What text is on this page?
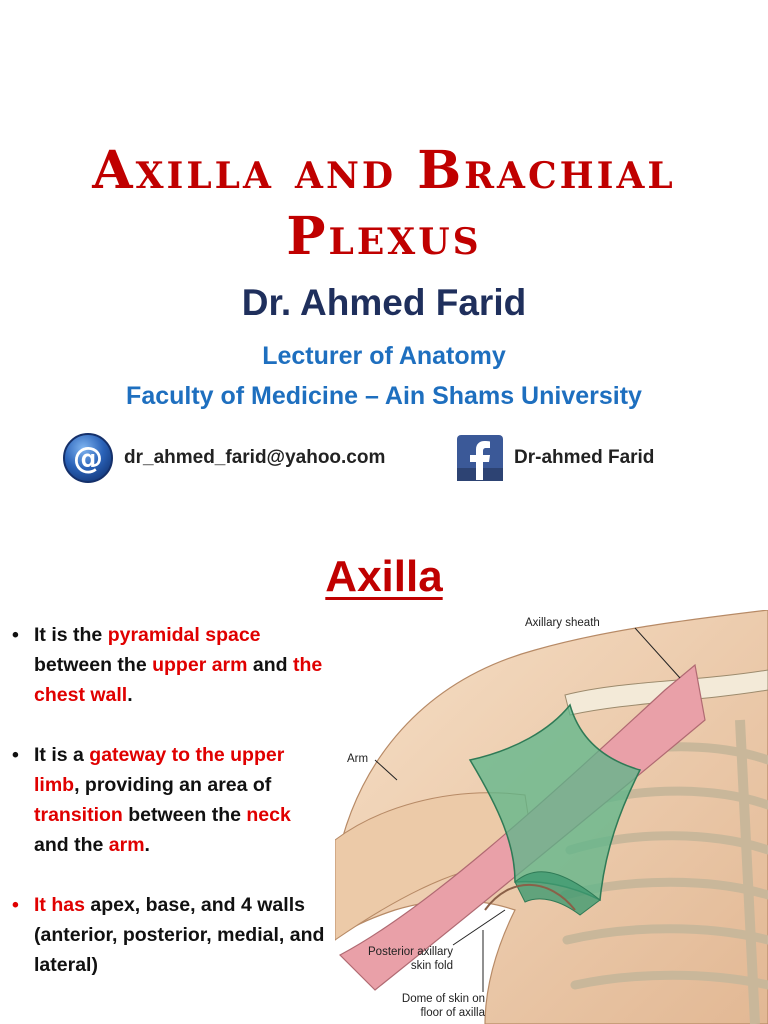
Axilla and Brachial
Plexus
Dr. Ahmed Farid
Lecturer of Anatomy
Faculty of Medicine – Ain Shams University
@ dr_ahmed_farid@yahoo.com	Dr-ahmed Farid
Axilla
• It is the pyramidal space between the upper arm and the chest wall.
• It is a gateway to the upper limb, providing an area of transition between the neck and the arm.
• It has apex, base, and 4 walls (anterior, posterior, medial, and lateral)
Axillary sheath
Arm
Posterior axillary
skin fold
Dome of skin on
floor of axilla
